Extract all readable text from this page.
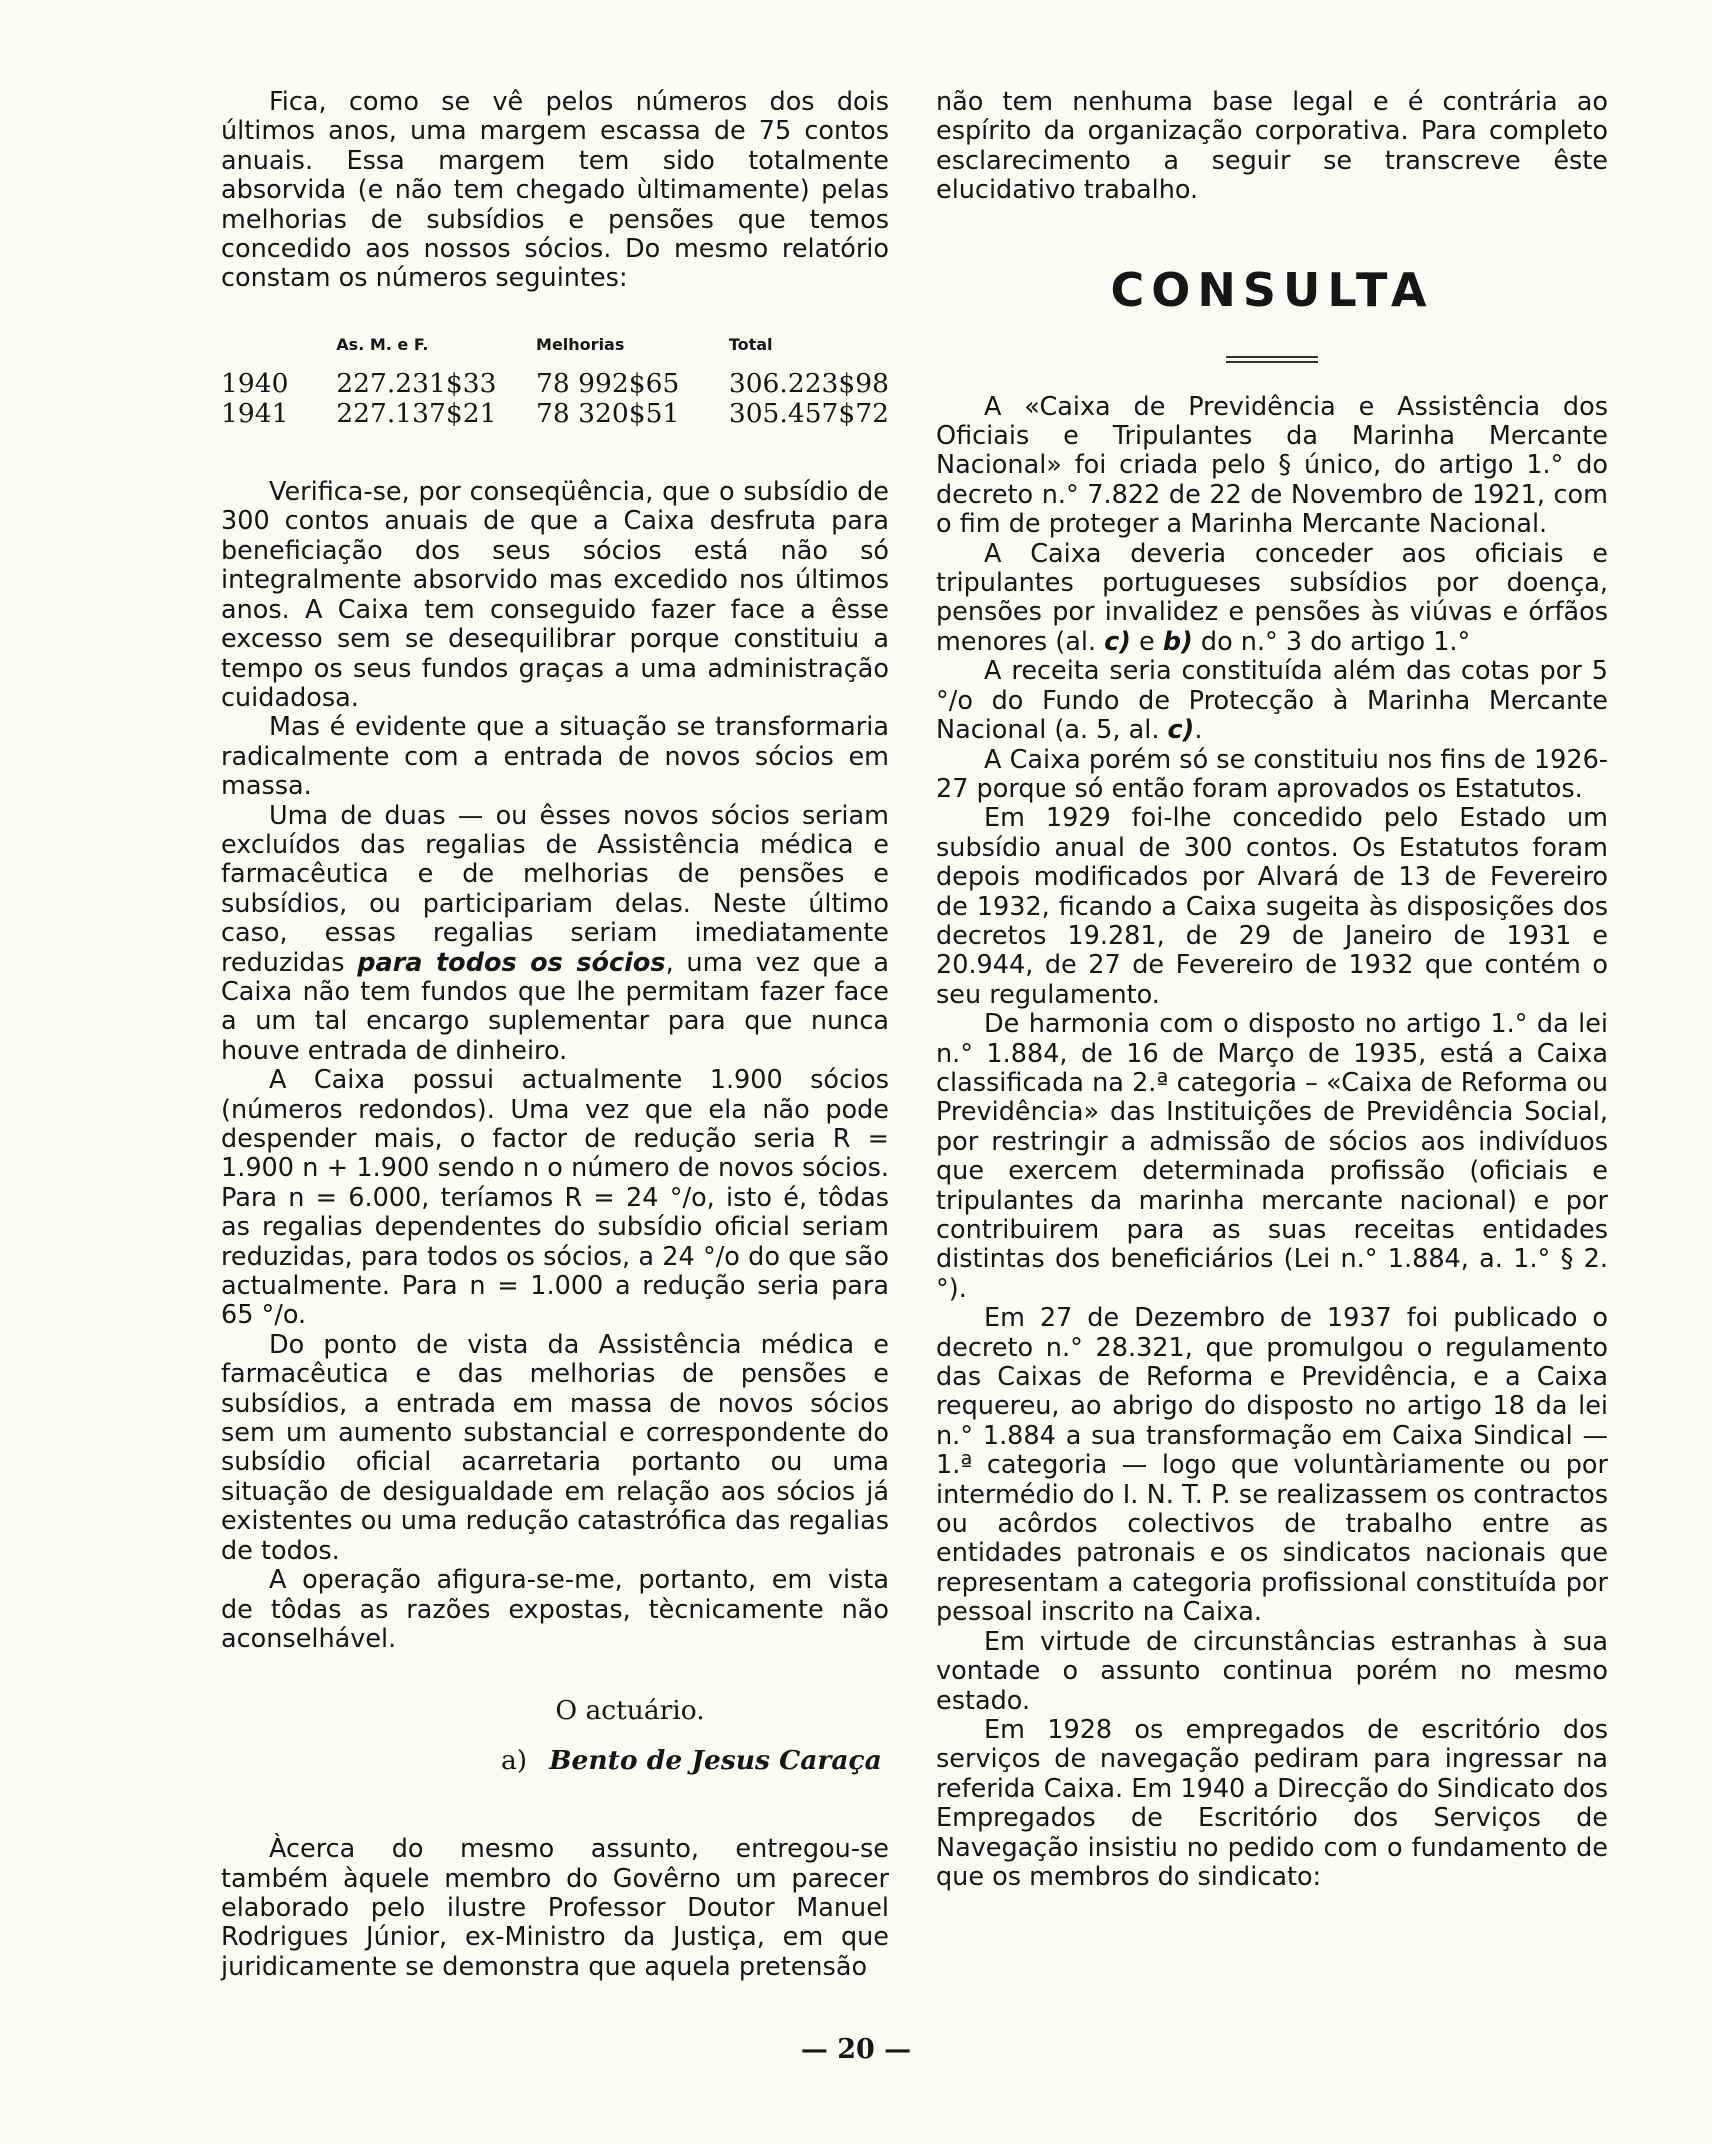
Fica, como se vê pelos números dos dois últimos anos, uma margem escassa de 75 contos anuais. Essa margem tem sido totalmente absorvida (e não tem chegado ùltimamente) pelas melhorias de subsídios e pensões que temos concedido aos nossos sócios. Do mesmo relatório constam os números seguintes:

	As. M. e F.	Melhorias	Total
1940	227.231$33	78 992$65	306.223$98
1941	227.137$21	78 320$51	305.457$72

Verifica-se, por conseqüência, que o subsídio de 300 contos anuais de que a Caixa desfruta para beneficiação dos seus sócios está não só integralmente absorvido mas excedido nos últimos anos. A Caixa tem conseguido fazer face a êsse excesso sem se desequilibrar porque constituiu a tempo os seus fundos graças a uma administração cuidadosa.

Mas é evidente que a situação se transformaria radicalmente com a entrada de novos sócios em massa.

Uma de duas — ou êsses novos sócios seriam excluídos das regalias de Assistência médica e farmacêutica e de melhorias de pensões e subsídios, ou participariam delas. Neste último caso, essas regalias seriam imediatamente reduzidas para todos os sócios, uma vez que a Caixa não tem fundos que lhe permitam fazer face a um tal encargo suplementar para que nunca houve entrada de dinheiro.

A Caixa possui actualmente 1.900 sócios (números redondos). Uma vez que ela não pode despender mais, o factor de redução seria R = 1.900 n + 1.900 sendo n o número de novos sócios. Para n = 6.000, teríamos R = 24 °/o, isto é, tôdas as regalias dependentes do subsídio oficial seriam reduzidas, para todos os sócios, a 24 °/o do que são actualmente. Para n = 1.000 a redução seria para 65 °/o.

Do ponto de vista da Assistência médica e farmacêutica e das melhorias de pensões e subsídios, a entrada em massa de novos sócios sem um aumento substancial e correspondente do subsídio oficial acarretaria portanto ou uma situação de desigualdade em relação aos sócios já existentes ou uma redução catastrófica das regalias de todos.

A operação afigura-se-me, portanto, em vista de tôdas as razões expostas, tècnicamente não aconselhável.

O actuário.
a) Bento de Jesus Caraça

Àcerca do mesmo assunto, entregou-se também àquele membro do Govêrno um parecer elaborado pelo ilustre Professor Doutor Manuel Rodrigues Júnior, ex-Ministro da Justiça, em que juridicamente se demonstra que aquela pretensão

não tem nenhuma base legal e é contrária ao espírito da organização corporativa. Para completo esclarecimento a seguir se transcreve êste elucidativo trabalho.

CONSULTA

A «Caixa de Previdência e Assistência dos Oficiais e Tripulantes da Marinha Mercante Nacional» foi criada pelo § único, do artigo 1.° do decreto n.° 7.822 de 22 de Novembro de 1921, com o fim de proteger a Marinha Mercante Nacional.

A Caixa deveria conceder aos oficiais e tripulantes portugueses subsídios por doença, pensões por invalidez e pensões às viúvas e órfãos menores (al. c) e b) do n.° 3 do artigo 1.°

A receita seria constituída além das cotas por 5 °/o do Fundo de Protecção à Marinha Mercante Nacional (a. 5, al. c).

A Caixa porém só se constituiu nos fins de 1926-27 porque só então foram aprovados os Estatutos.

Em 1929 foi-lhe concedido pelo Estado um subsídio anual de 300 contos. Os Estatutos foram depois modificados por Alvará de 13 de Fevereiro de 1932, ficando a Caixa sugeita às disposições dos decretos 19.281, de 29 de Janeiro de 1931 e 20.944, de 27 de Fevereiro de 1932 que contém o seu regulamento.

De harmonia com o disposto no artigo 1.° da lei n.° 1.884, de 16 de Março de 1935, está a Caixa classificada na 2.ª categoria – «Caixa de Reforma ou Previdência» das Instituições de Previdência Social, por restringir a admissão de sócios aos indivíduos que exercem determinada profissão (oficiais e tripulantes da marinha mercante nacional) e por contribuirem para as suas receitas entidades distintas dos beneficiários (Lei n.° 1.884, a. 1.° § 2.°).

Em 27 de Dezembro de 1937 foi publicado o decreto n.° 28.321, que promulgou o regulamento das Caixas de Reforma e Previdência, e a Caixa requereu, ao abrigo do disposto no artigo 18 da lei n.° 1.884 a sua transformação em Caixa Sindical — 1.ª categoria — logo que voluntàriamente ou por intermédio do I. N. T. P. se realizassem os contractos ou acôrdos colectivos de trabalho entre as entidades patronais e os sindicatos nacionais que representam a categoria profissional constituída por pessoal inscrito na Caixa.

Em virtude de circunstâncias estranhas à sua vontade o assunto continua porém no mesmo estado.

Em 1928 os empregados de escritório dos serviços de navegação pediram para ingressar na referida Caixa. Em 1940 a Direcção do Sindicato dos Empregados de Escritório dos Serviços de Navegação insistiu no pedido com o fundamento de que os membros do sindicato:

— 20 —
